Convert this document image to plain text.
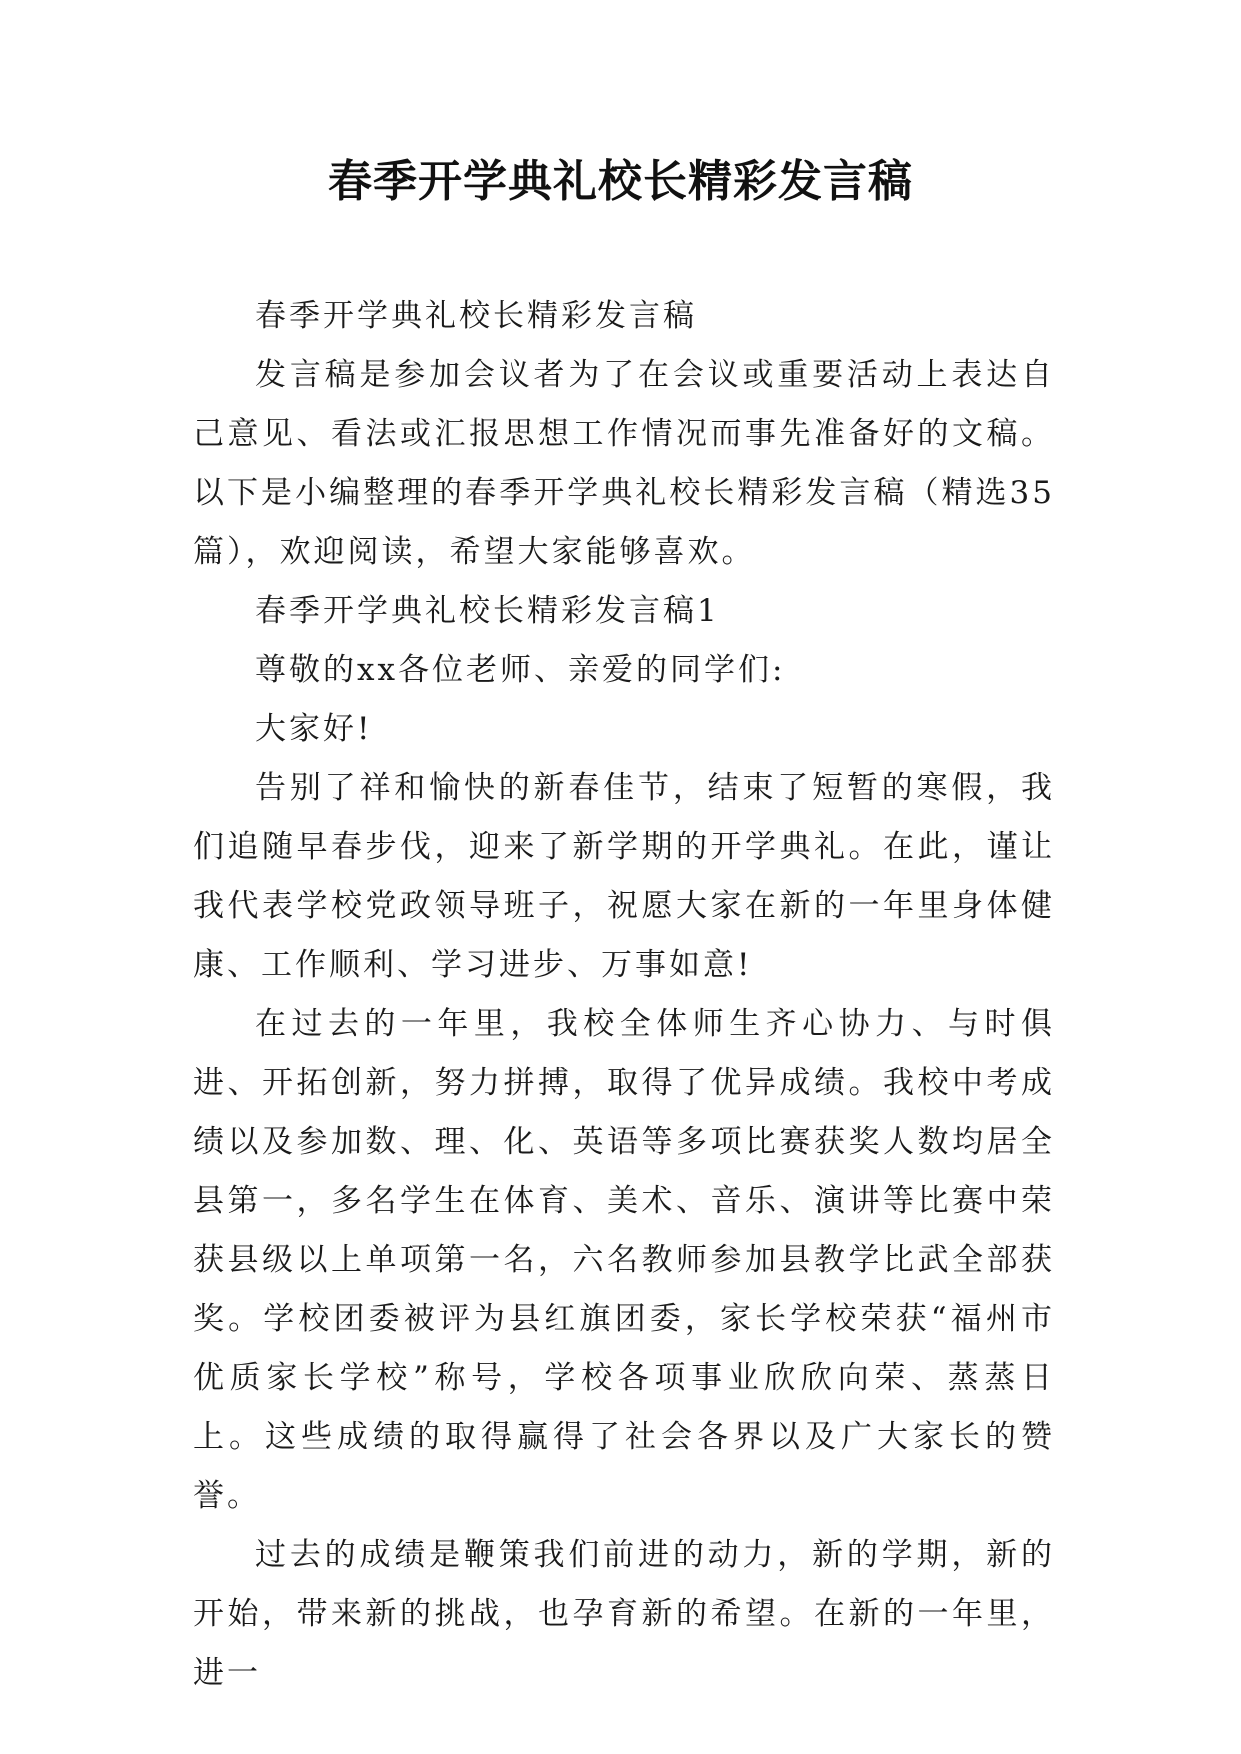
春季开学典礼校长精彩发言稿

春季开学典礼校长精彩发言稿

发言稿是参加会议者为了在会议或重要活动上表达自己意见、看法或汇报思想工作情况而事先准备好的文稿。以下是小编整理的春季开学典礼校长精彩发言稿（精选35篇），欢迎阅读，希望大家能够喜欢。

春季开学典礼校长精彩发言稿1

尊敬的xx各位老师、亲爱的同学们:

大家好!

告别了祥和愉快的新春佳节，结束了短暂的寒假，我们追随早春步伐，迎来了新学期的开学典礼。在此，谨让我代表学校党政领导班子，祝愿大家在新的一年里身体健康、工作顺利、学习进步、万事如意!

在过去的一年里，我校全体师生齐心协力、与时俱进、开拓创新，努力拼搏，取得了优异成绩。我校中考成绩以及参加数、理、化、英语等多项比赛获奖人数均居全县第一，多名学生在体育、美术、音乐、演讲等比赛中荣获县级以上单项第一名，六名教师参加县教学比武全部获奖。学校团委被评为县红旗团委，家长学校荣获“福州市优质家长学校”称号，学校各项事业欣欣向荣、蒸蒸日上。这些成绩的取得赢得了社会各界以及广大家长的赞誉。

过去的成绩是鞭策我们前进的动力，新的学期，新的开始，带来新的挑战，也孕育新的希望。在新的一年里，进一
